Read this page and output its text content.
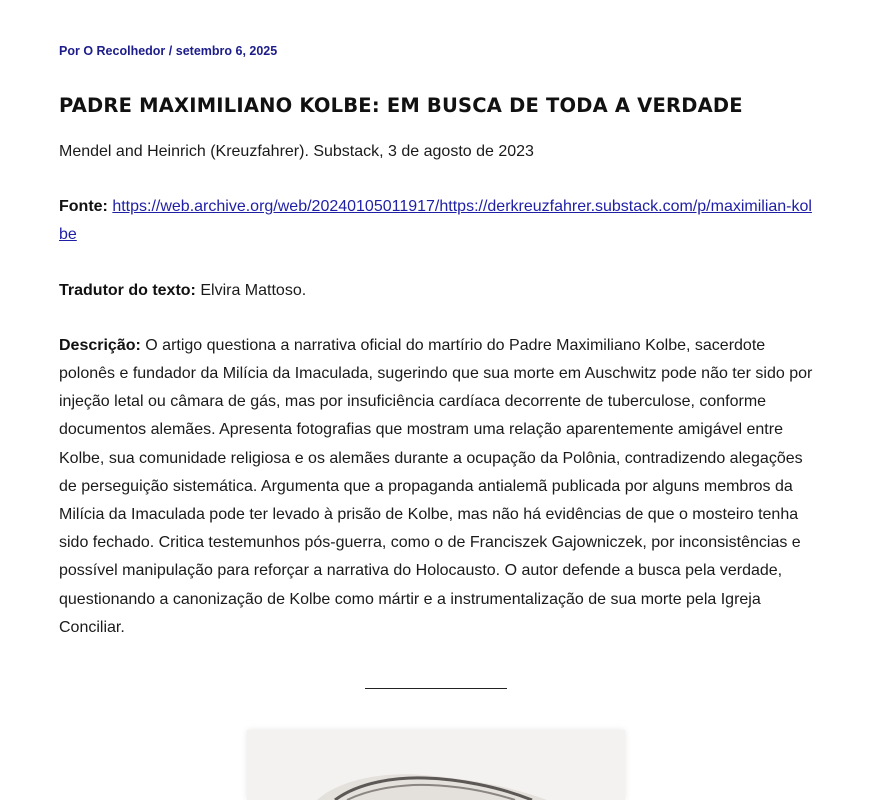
Por O Recolhedor / setembro 6, 2025
PADRE MAXIMILIANO KOLBE: EM BUSCA DE TODA A VERDADE

Mendel and Heinrich (Kreuzfahrer). Substack, 3 de agosto de 2023

Fonte: https://web.archive.org/web/20240105011917/https://derkreuzfahrer.substack.com/p/maximilian-kolbe

Tradutor do texto: Elvira Mattoso.

Descrição: O artigo questiona a narrativa oficial do martírio do Padre Maximiliano Kolbe, sacerdote polonês e fundador da Milícia da Imaculada, sugerindo que sua morte em Auschwitz pode não ter sido por injeção letal ou câmara de gás, mas por insuficiência cardíaca decorrente de tuberculose, conforme documentos alemães. Apresenta fotografias que mostram uma relação aparentemente amigável entre Kolbe, sua comunidade religiosa e os alemães durante a ocupação da Polônia, contradizendo alegações de perseguição sistemática. Argumenta que a propaganda antialemã publicada por alguns membros da Milícia da Imaculada pode ter levado à prisão de Kolbe, mas não há evidências de que o mosteiro tenha sido fechado. Critica testemunhos pós-guerra, como o de Franciszek Gajowniczek, por inconsistências e possível manipulação para reforçar a narrativa do Holocausto. O autor defende a busca pela verdade, questionando a canonização de Kolbe como mártir e a instrumentalização de sua morte pela Igreja Conciliar.
